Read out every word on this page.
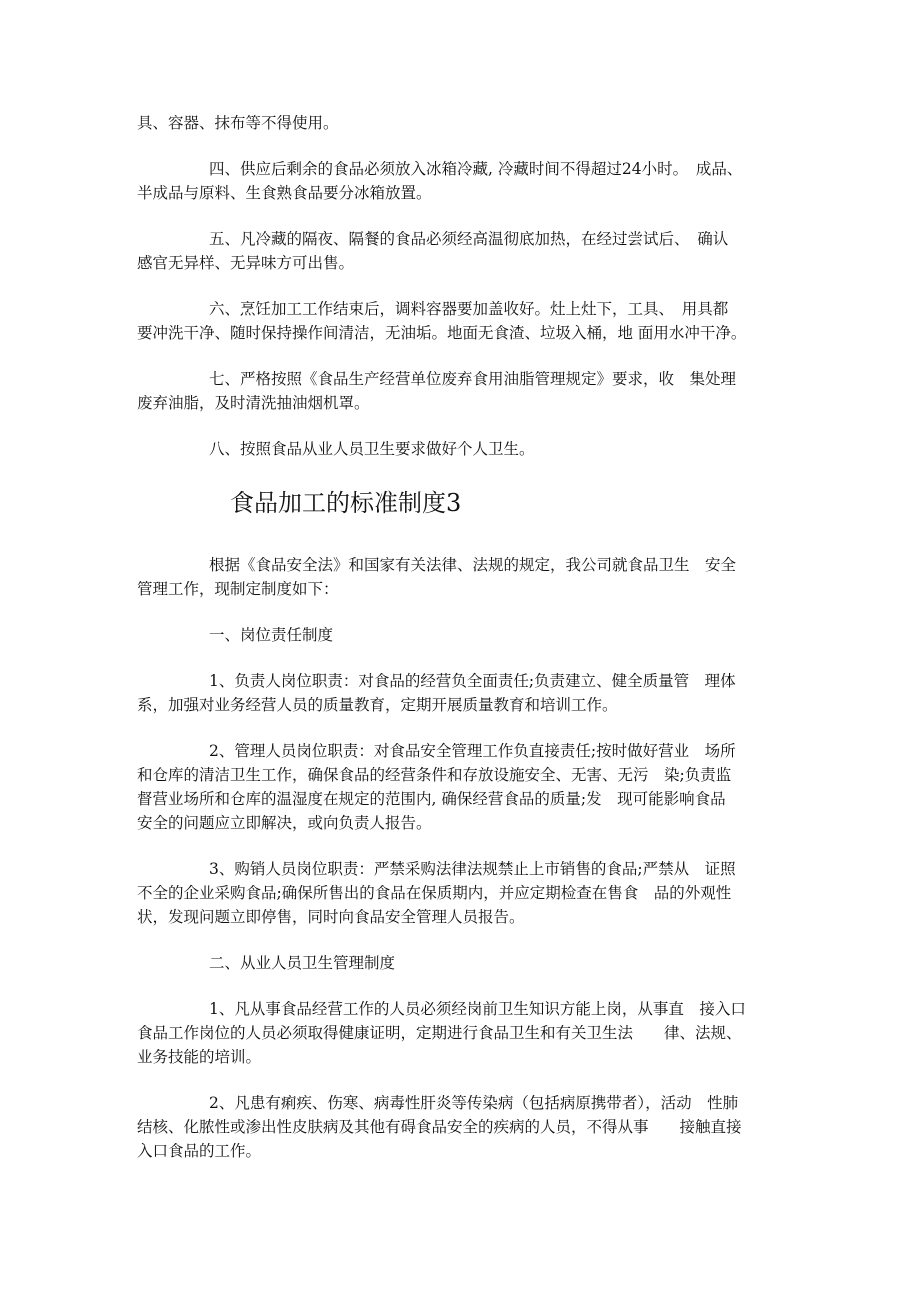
具、容器、抹布等不得使用。

四、供应后剩余的食品必须放入冰箱冷藏, 冷藏时间不得超过24小时。　成品、
半成品与原料、生食熟食品要分冰箱放置。

五、凡冷藏的隔夜、隔餐的食品必须经高温彻底加热，在经过尝试后、　确认
感官无异样、无异味方可出售。

六、烹饪加工工作结束后，调料容器要加盖收好。灶上灶下，工具、　用具都
要冲洗干净、随时保持操作间清洁，无油垢。地面无食渣、垃圾入桶，地 面用水冲干净。

七、严格按照《食品生产经营单位废弃食用油脂管理规定》要求，收　集处理
废弃油脂，及时清洗抽油烟机罩。

八、按照食品从业人员卫生要求做好个人卫生。

食品加工的标准制度3

根据《食品安全法》和国家有关法律、法规的规定，我公司就食品卫生　安全
管理工作，现制定制度如下：

一、岗位责任制度

1、负责人岗位职责：对食品的经营负全面责任;负责建立、健全质量管　理体
系，加强对业务经营人员的质量教育，定期开展质量教育和培训工作。

2、管理人员岗位职责：对食品安全管理工作负直接责任;按时做好营业　场所
和仓库的清洁卫生工作，确保食品的经营条件和存放设施安全、无害、无污　染;负责监
督营业场所和仓库的温湿度在规定的范围内, 确保经营食品的质量;发　现可能影响食品
安全的问题应立即解决，或向负责人报告。

3、购销人员岗位职责：严禁采购法律法规禁止上市销售的食品;严禁从　证照
不全的企业采购食品;确保所售出的食品在保质期内，并应定期检查在售食　品的外观性
状，发现问题立即停售，同时向食品安全管理人员报告。

二、从业人员卫生管理制度

1、凡从事食品经营工作的人员必须经岗前卫生知识方能上岗，从事直　接入口
食品工作岗位的人员必须取得健康证明，定期进行食品卫生和有关卫生法　　律、法规、
业务技能的培训。

2、凡患有痢疾、伤寒、病毒性肝炎等传染病（包括病原携带者），活动　性肺
结核、化脓性或渗出性皮肤病及其他有碍食品安全的疾病的人员，不得从事　　接触直接
入口食品的工作。
